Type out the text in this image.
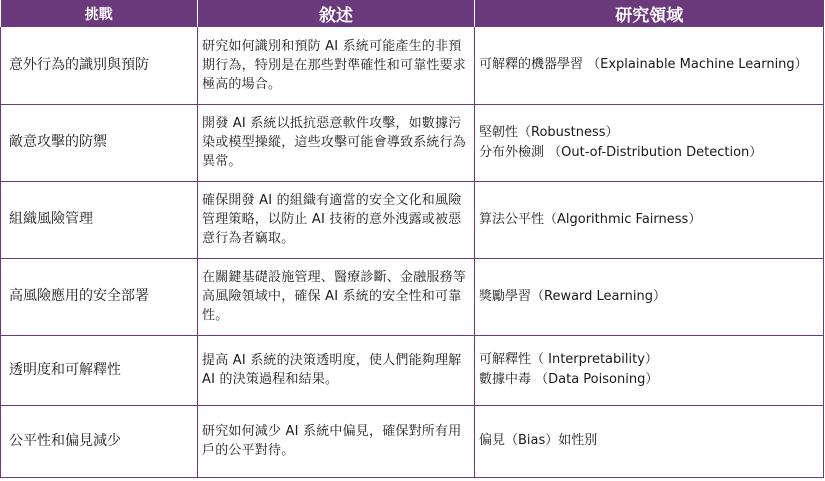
挑戰	敘述	研究領域
意外行為的識別與預防	研究如何識別和預防 AI 系統可能產生的非預期行為，特別是在那些對準確性和可靠性要求極高的場合。	可解釋的機器學習 （Explainable Machine Learning）

敵意攻擊的防禦	開發 AI 系統以抵抗惡意軟件攻擊，如數據污染或模型操縱，這些攻擊可能會導致系統行為異常。	堅韌性（Robustness）
分布外檢測 （Out-of-Distribution Detection）

組織風險管理	確保開發 AI 的組織有適當的安全文化和風險管理策略，以防止 AI 技術的意外洩露或被惡意行為者竊取。	算法公平性（Algorithmic Fairness）

高風險應用的安全部署	在關鍵基礎設施管理、醫療診斷、金融服務等高風險領域中，確保 AI 系統的安全性和可靠性。	獎勵學習（Reward Learning）

透明度和可解釋性	提高 AI 系統的決策透明度，使人們能夠理解 AI 的決策過程和結果。	可解釋性（ Interpretability）
數據中毒 （Data Poisoning）

公平性和偏見減少	研究如何減少 AI 系統中偏見，確保對所有用戶的公平對待。	偏見（Bias）如性別
